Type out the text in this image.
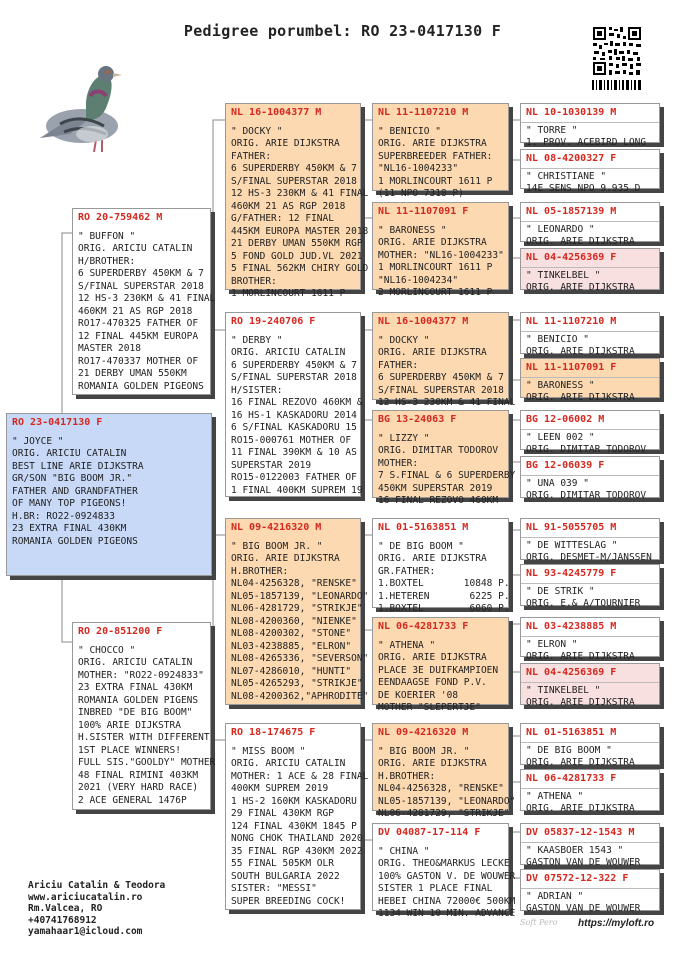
Pedigree porumbel: RO 23-0417130 F
RO 23-0417130 F
" JOYCE "
ORIG. ARICIU CATALIN
BEST LINE ARIE DIJKSTRA
GR/SON "BIG BOOM JR."
FATHER AND GRANDFATHER
OF MANY TOP PIGEONS!
H.BR: RO22-0924833
23 EXTRA FINAL 430KM
ROMANIA GOLDEN PIGEONS
RO 20-759462 M
" BUFFON "
ORIG. ARICIU CATALIN
H/BROTHER:
6 SUPERDERBY 450KM & 7
S/FINAL SUPERSTAR 2018
12 HS-3 230KM & 41 FINAL
460KM 21 AS RGP 2018
RO17-470325 FATHER OF
12 FINAL 445KM EUROPA
MASTER 2018
RO17-470337 MOTHER OF
21 DERBY UMAN 550KM
ROMANIA GOLDEN PIGEONS
RO 20-851200 F
" CHOCCO "
ORIG. ARICIU CATALIN
MOTHER: "RO22-0924833"
23 EXTRA FINAL 430KM
ROMANIA GOLDEN PIGENS
INBRED "DE BIG BOOM"
100% ARIE DIJKSTRA
H.SISTER WITH DIFFERENT
1ST PLACE WINNERS!
FULL SIS."GOOLDY" MOTHER
48 FINAL RIMINI 403KM
2021 (VERY HARD RACE)
2 ACE GENERAL 1476P
NL 16-1004377 M
" DOCKY "
ORIG. ARIE DIJKSTRA
FATHER:
6 SUPERDERBY 450KM & 7
S/FINAL SUPERSTAR 2018
12 HS-3 230KM & 41 FINAL
460KM 21 AS RGP 2018
G/FATHER: 12 FINAL
445KM EUROPA MASTER 2018
21 DERBY UMAN 550KM RGP
5 FOND GOLD JUD.VL 2021
5 FINAL 562KM CHIRY GOLD
BROTHER:
1 MORLINCOURT 1611 P
RO 19-240706 F
" DERBY "
ORIG. ARICIU CATALIN
6 SUPERDERBY 450KM & 7
S/FINAL SUPERSTAR 2018
H/SISTER:
16 FINAL REZOVO 460KM &
16 HS-1 KASKADORU 2014
6 S/FINAL KASKADORU 15
RO15-000761 MOTHER OF
11 FINAL 390KM & 10 AS
SUPERSTAR 2019
RO15-0122003 FATHER OF
1 FINAL 400KM SUPREM 19
NL 09-4216320 M
" BIG BOOM JR. "
ORIG. ARIE DIJKSTRA
H.BROTHER:
NL04-4256328, "RENSKE"
NL05-1857139, "LEONARDO"
NL06-4281729, "STRIKJE"
NL08-4200360, "NIENKE"
NL08-4200302, "STONE"
NL03-4238885, "ELRON"
NL08-4265336, "SEVERSON"
NL07-4286010, "HUNTI"
NL05-4265293, "STRIKJE"
NL08-4200362,"APHRODITE"
RO 18-174675 F
" MISS BOOM "
ORIG. ARICIU CATALIN
MOTHER: 1 ACE & 28 FINAL
400KM SUPREM 2019
1 HS-2 160KM KASKADORU
29 FINAL 430KM RGP
124 FINAL 430KM 1845 P
NONG CHOK THAILAND 2020
35 FINAL RGP 430KM 2022
55 FINAL 505KM OLR
SOUTH BULGARIA 2022
SISTER: "MESSI"
SUPER BREEDING COCK!
NL 11-1107210 M
" BENICIO "
ORIG. ARIE DIJKSTRA
SUPERBREEDER FATHER:
"NL16-1004233"
1 MORLINCOURT 1611 P
(11 NPO 7318 P)
NL 11-1107091 F
" BARONESS "
ORIG. ARIE DIJKSTRA
MOTHER: "NL16-1004233"
1 MORLINCOURT 1611 P
"NL16-1004234"
2 MORLINCOURT 1611 P
NL 16-1004377 M
" DOCKY "
ORIG. ARIE DIJKSTRA
FATHER:
6 SUPERDERBY 450KM & 7
S/FINAL SUPERSTAR 2018
12 HS-3 230KM & 41 FINAL
BG 13-24063 F
" LIZZY "
ORIG. DIMITAR TODOROV
MOTHER:
7 S.FINAL & 6 SUPERDERBY
450KM SUPERSTAR 2019
16 FINAL REZOVO 460KM
NL 01-5163851 M
" DE BIG BOOM "
ORIG. ARIE DIJKSTRA
GR.FATHER:
1.BOXTEL       10848 P.
1.HETEREN       6225 P.
1.BOXTEL        6060 P.
NL 06-4281733 F
" ATHENA "
ORIG. ARIE DIJKSTRA
PLACE 3E DUIFKAMPIOEN
EENDAAGSE FOND P.V.
DE KOERIER '08
MOTHER "SLEPERTJE"
NL 09-4216320 M
" BIG BOOM JR. "
ORIG. ARIE DIJKSTRA
H.BROTHER:
NL04-4256328, "RENSKE"
NL05-1857139, "LEONARDO"
NL06-4281729, "STRIKJE"
DV 04087-17-114 F
" CHINA "
ORIG. THEO&MARKUS LECKE
100% GASTON V. DE WOUWER
SISTER 1 PLACE FINAL
HEBEI CHINA 72000€ 500KM
1134 WIN 10 MIN. ADVANCE
NL 10-1030139 M
" TORRE "
1. PROV. ACEBIRD LONG
NL 08-4200327 F
" CHRISTIANE "
14E SENS NPO 9.935 D
NL 05-1857139 M
" LEONARDO "
ORIG. ARIE DIJKSTRA
NL 04-4256369 F
" TINKELBEL "
ORIG. ARIE DIJKSTRA
NL 11-1107210 M
" BENICIO "
ORIG. ARIE DIJKSTRA
NL 11-1107091 F
" BARONESS "
ORIG. ARIE DIJKSTRA
BG 12-06002 M
" LEEN 002 "
ORIG. DIMITAR TODOROV
BG 12-06039 F
" UNA 039 "
ORIG. DIMITAR TODOROV
NL 91-5055705 M
" DE WITTESLAG "
ORIG. DESMET-M/JANSSEN
NL 93-4245779 F
" DE STRIK "
ORIG. E.& A/TOURNIER
NL 03-4238885 M
" ELRON "
ORIG. ARIE DIJKSTRA
NL 04-4256369 F
" TINKELBEL "
ORIG. ARIE DIJKSTRA
NL 01-5163851 M
" DE BIG BOOM "
ORIG. ARIE DIJKSTRA
NL 06-4281733 F
" ATHENA "
ORIG. ARIE DIJKSTRA
DV 05837-12-1543 M
" KAASBOER 1543 "
GASTON VAN DE WOUWER
DV 07572-12-322 F
" ADRIAN "
GASTON VAN DE WOUWER
Ariciu Catalin & Teodora
www.ariciucatalin.ro
Rm.Valcea, RO
+40741768912
yamahaar1@icloud.com
Soft Pero https://myloft.ro
